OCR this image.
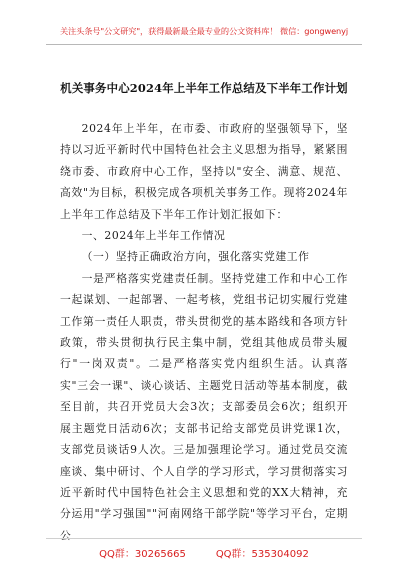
关注头条号"公文研究"，获得最新最全最专业的公文资料库！ 微信：gongwenyj
机关事务中心2024年上半年工作总结及下半年工作计划

2024年上半年，在市委、市政府的坚强领导下，坚持以习近平新时代中国特色社会主义思想为指导，紧紧围绕市委、市政府中心工作，坚持以"安全、满意、规范、高效"为目标，积极完成各项机关事务工作。现将2024年上半年工作总结及下半年工作计划汇报如下：

一、2024年上半年工作情况

（一）坚持正确政治方向，强化落实党建工作

一是严格落实党建责任制。坚持党建工作和中心工作一起谋划、一起部署、一起考核，党组书记切实履行党建工作第一责任人职责，带头贯彻党的基本路线和各项方针政策，带头贯彻执行民主集中制，党组其他成员带头履行"一岗双责"。二是严格落实党内组织生活。认真落实"三会一课"、谈心谈话、主题党日活动等基本制度，截至目前，共召开党员大会3次；支部委员会6次；组织开展主题党日活动6次；支部书记给支部党员讲党课1次，支部党员谈话9人次。三是加强理论学习。通过党员交流座谈、集中研讨、个人自学的学习形式，学习贯彻落实习近平新时代中国特色社会主义思想和党的XX大精神，充分运用"学习强国""河南网络干部学院"等学习平台，定期公

QQ群：30265665	QQ群：535304092
